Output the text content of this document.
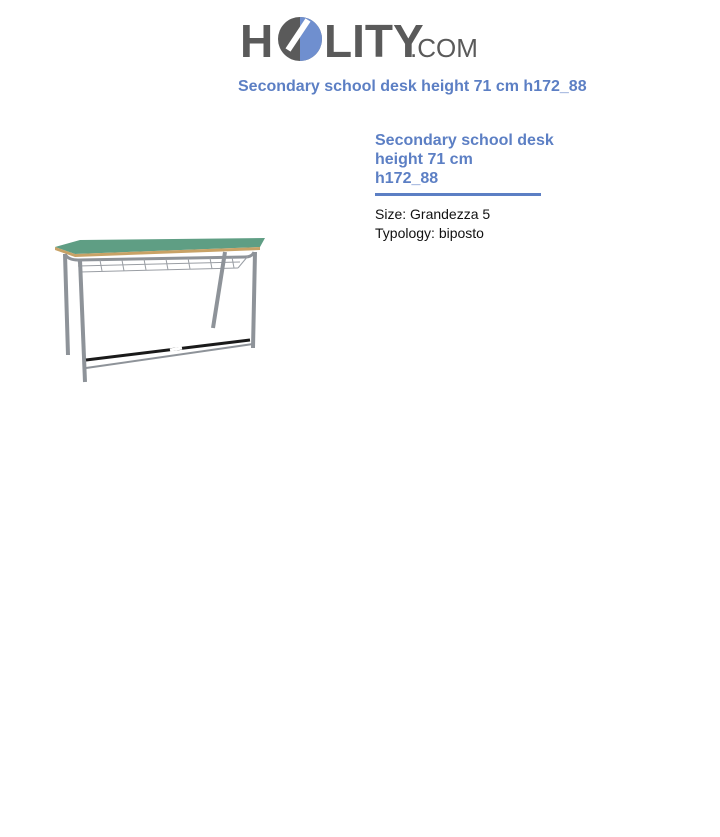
H LITY
.COM
Secondary school desk height 71 cm h172_88
Secondary school desk
height 71 cm
h172_88
Size: Grandezza 5
Typology: biposto
